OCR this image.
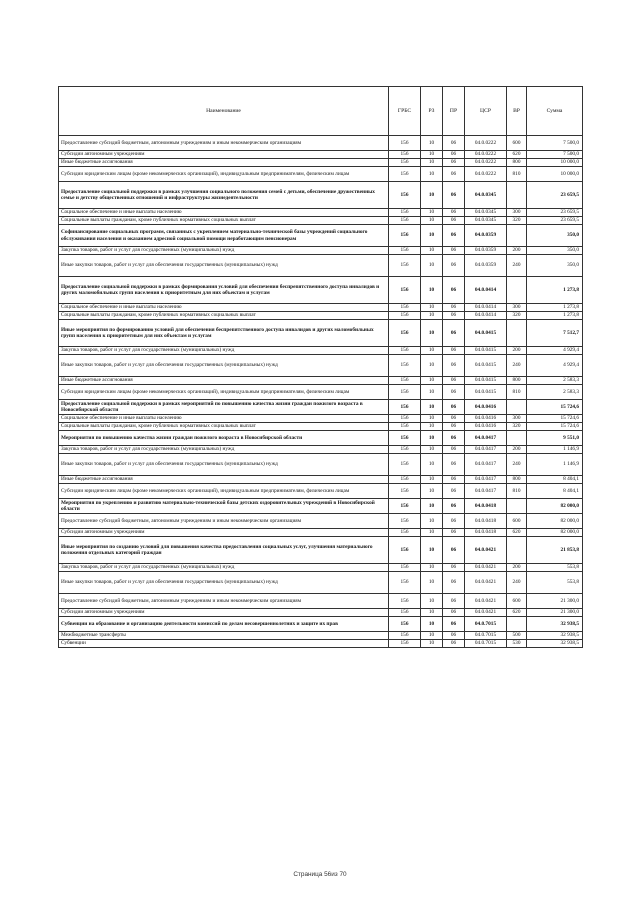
Наименование	ГРБС	РЗ	ПР	ЦСР	ВР	Сумма
Предоставление субсидий бюджетным, автономным учреждениям и иным некоммерческим организациям	156	10	06	04.0.0222	600	7 500,0
Субсидии автономным учреждениям	156	10	06	04.0.0222	620	7 500,0
Иные бюджетные ассигнования	156	10	06	04.0.0222	800	10 000,0
Субсидии юридическим лицам (кроме некоммерческих организаций), индивидуальным предпринимателям, физическим лицам	156	10	06	04.0.0222	810	10 000,0
Предоставление социальной поддержки в рамках улучшения социального положения семей с детьми, обеспечение дружественных семье и детству общественных отношений и инфраструктуры жизнедеятельности	156	10	06	04.0.0345		23 659,5
Социальное обеспечение и иные выплаты населению	156	10	06	04.0.0345	300	23 659,5
Социальные выплаты гражданам, кроме публичных нормативных социальных выплат	156	10	06	04.0.0345	320	23 659,5
Софинансирование социальных программ, связанных с укреплением материально-технической базы учреждений социального обслуживания населения и оказанием адресной социальной помощи неработающим пенсионерам	156	10	06	04.0.0359		350,0
Закупка товаров, работ и услуг для государственных (муниципальных) нужд	156	10	06	04.0.0359	200	350,0
Иные закупки товаров, работ и услуг для обеспечения государственных (муниципальных) нужд	156	10	06	04.0.0359	240	350,0
Предоставление социальной поддержки в рамках формирования условий для обеспечения беспрепятственного доступа инвалидов и других маломобильных групп населения к приоритетным для них объектам и услугам	156	10	06	04.0.0414		1 273,8
Социальное обеспечение и иные выплаты населению	156	10	06	04.0.0414	300	1 273,8
Социальные выплаты гражданам, кроме публичных нормативных социальных выплат	156	10	06	04.0.0414	320	1 273,8
Иные мероприятия по формированию условий для обеспечения беспрепятственного доступа инвалидов и других маломобильных групп населения к приоритетным для них объектам и услугам	156	10	06	04.0.0415		7 512,7
Закупка товаров, работ и услуг для государственных (муниципальных) нужд	156	10	06	04.0.0415	200	4 929,4
Иные закупки товаров, работ и услуг для обеспечения государственных (муниципальных) нужд	156	10	06	04.0.0415	240	4 929,4
Иные бюджетные ассигнования	156	10	06	04.0.0415	800	2 583,3
Субсидии юридическим лицам (кроме некоммерческих организаций), индивидуальным предпринимателям, физическим лицам	156	10	06	04.0.0415	810	2 583,3
Предоставление социальной поддержки в рамках мероприятий по повышению качества жизни граждан пожилого возраста в Новосибирской области	156	10	06	04.0.0416		15 724,6
Социальное обеспечение и иные выплаты населению	156	10	06	04.0.0416	300	15 724,6
Социальные выплаты гражданам, кроме публичных нормативных социальных выплат	156	10	06	04.0.0416	320	15 724,6
Мероприятия по повышению качества жизни граждан пожилого возраста в Новосибирской области	156	10	06	04.0.0417		9 551,0
Закупка товаров, работ и услуг для государственных (муниципальных) нужд	156	10	06	04.0.0417	200	1 146,9
Иные закупки товаров, работ и услуг для обеспечения государственных (муниципальных) нужд	156	10	06	04.0.0417	240	1 146,9
Иные бюджетные ассигнования	156	10	06	04.0.0417	800	8 404,1
Субсидии юридическим лицам (кроме некоммерческих организаций), индивидуальным предпринимателям, физическим лицам	156	10	06	04.0.0417	810	8 404,1
Мероприятия по укреплению и развитию материально-технической базы детских оздоровительных учреждений в Новосибирской области	156	10	06	04.0.0418		82 000,0
Предоставление субсидий бюджетным, автономным учреждениям и иным некоммерческим организациям	156	10	06	04.0.0418	600	82 000,0
Субсидии автономным учреждениям	156	10	06	04.0.0418	620	82 000,0
Иные мероприятия по созданию условий для повышения качества предоставления социальных услуг, улучшения материального положения отдельных категорий граждан	156	10	06	04.0.0421		21 853,8
Закупка товаров, работ и услуг для государственных (муниципальных) нужд	156	10	06	04.0.0421	200	553,8
Иные закупки товаров, работ и услуг для обеспечения государственных (муниципальных) нужд	156	10	06	04.0.0421	240	553,8
Предоставление субсидий бюджетным, автономным учреждениям и иным некоммерческим организациям	156	10	06	04.0.0421	600	21 300,0
Субсидии автономным учреждениям	156	10	06	04.0.0421	620	21 300,0
Субвенции на образование и организацию деятельности комиссий по делам несовершеннолетних и защите их прав	156	10	06	04.0.7015		32 938,5
Межбюджетные трансферты	156	10	06	04.0.7015	500	32 938,5
Субвенции	156	10	06	04.0.7015	530	32 938,5
Страница 56из 70
